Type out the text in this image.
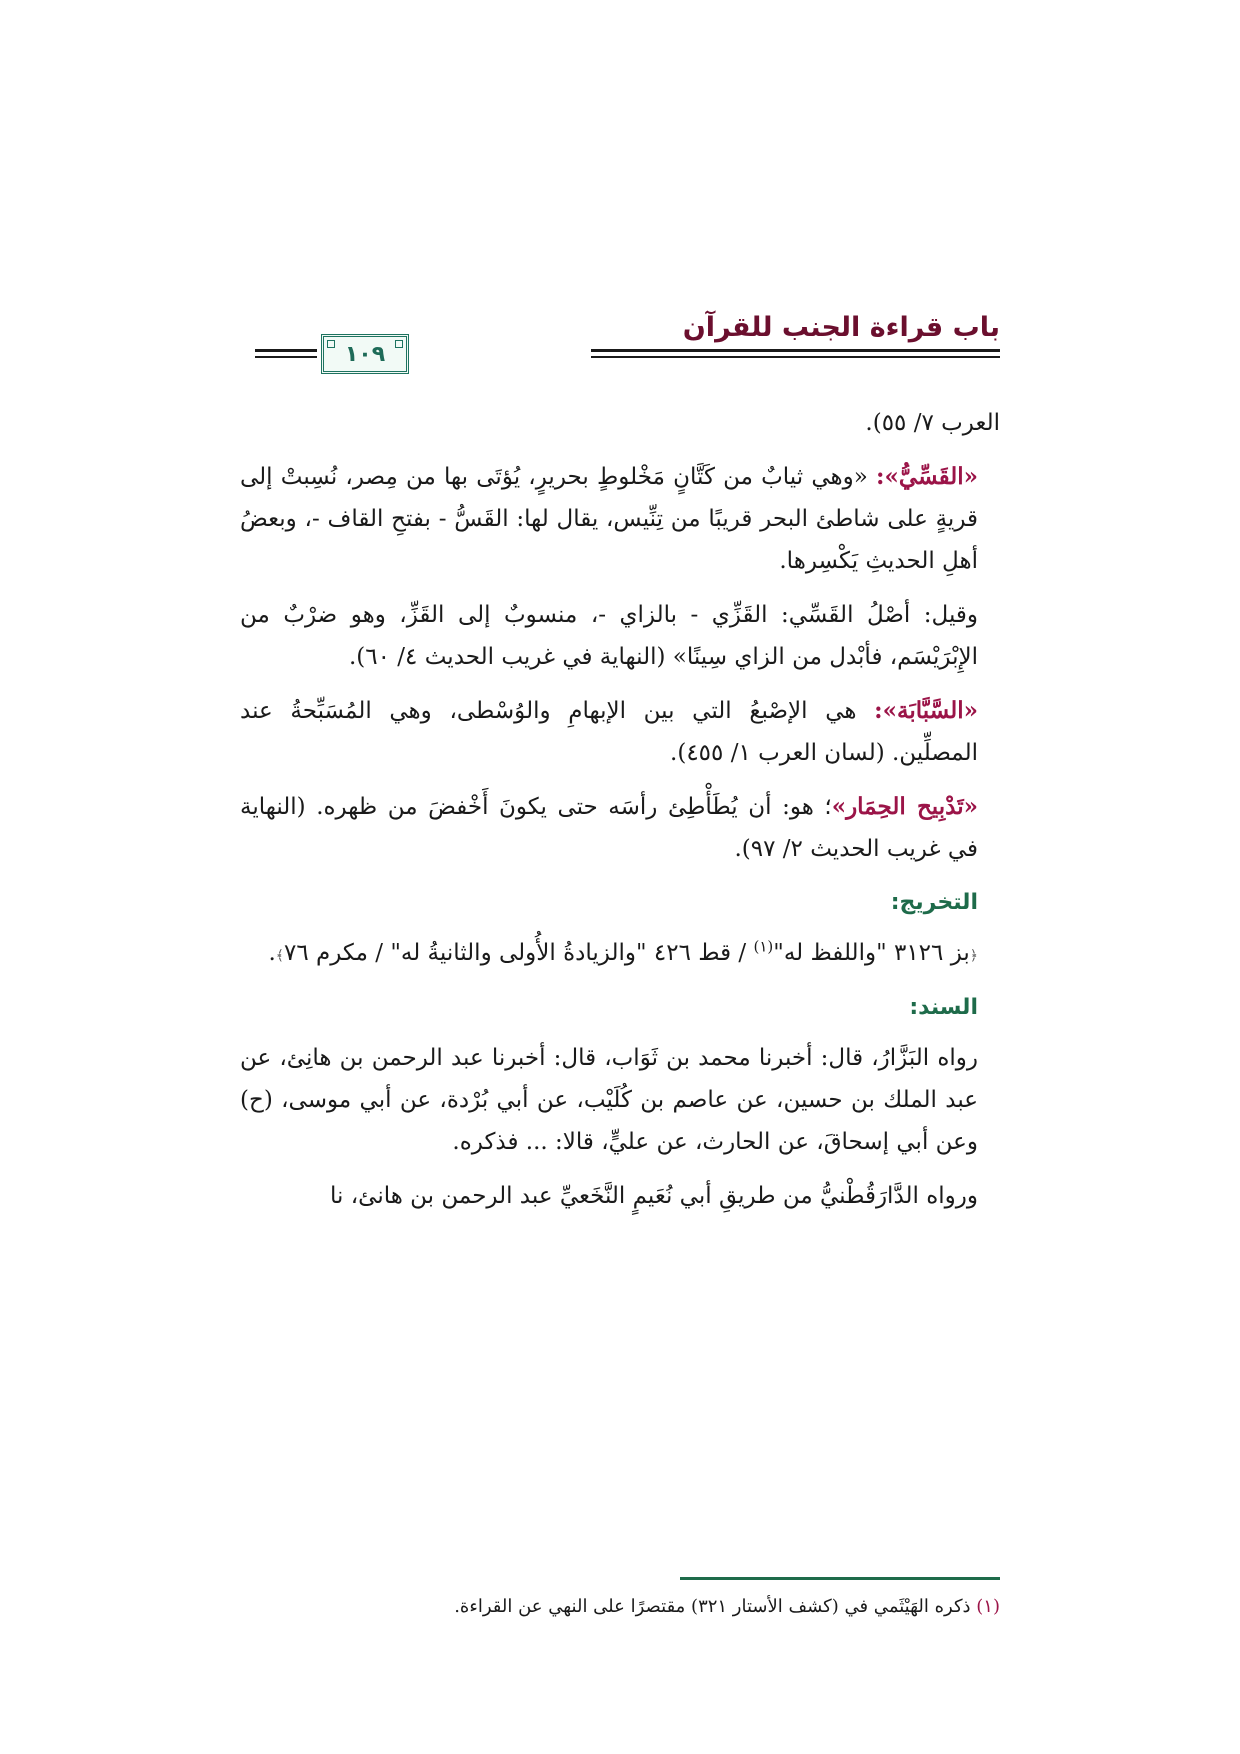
باب قراءة الجنب للقرآن
١٠٩

العرب ٧/ ٥٥).

«القَسِّيُّ»: «وهي ثيابٌ من كَتَّانٍ مَخْلوطٍ بحريرٍ، يُؤتَى بها من مِصر، نُسِبتْ إلى قريةٍ على شاطئ البحر قريبًا من تِنِّيس، يقال لها: القَسُّ - بفتحِ القاف -، وبعضُ أهلِ الحديثِ يَكْسِرها.

وقيل: أصْلُ القَسِّي: القَزِّي - بالزاي -، منسوبٌ إلى القَزِّ، وهو ضرْبٌ من الإِبْرَيْسَم، فأبْدل من الزاي سِينًا» (النهاية في غريب الحديث ٤/ ٦٠).

«السَّبَّابَة»: هي الإصْبعُ التي بين الإبهامِ والوُسْطى، وهي المُسَبِّحةُ عند المصلِّين. (لسان العرب ١/ ٤٥٥).

«تَدْبِيح الحِمَار»؛ هو: أن يُطَأْطِئ رأسَه حتى يكونَ أَخْفضَ من ظهره. (النهاية في غريب الحديث ٢/ ٩٧).

التخريج:

﴿بز ٣١٢٦ "واللفظ له"$^{(١)}$ / قط ٤٢٦ "والزيادةُ الأُولى والثانيةُ له" / مكرم ٧٦﴾.

السند:

رواه البَزَّارُ، قال: أخبرنا محمد بن ثَوَاب، قال: أخبرنا عبد الرحمن بن هانِئ، عن عبد الملك بن حسين، عن عاصم بن كُلَيْب، عن أبي بُرْدة، عن أبي موسى، (ح) وعن أبي إسحاقَ، عن الحارث، عن عليٍّ، قالا: ... فذكره.

ورواه الدَّارَقُطْنيُّ من طريقِ أبي نُعَيمٍ النَّخَعيِّ عبد الرحمن بن هانئ، نا

(١) ذكره الهَيْثَمي في (كشف الأستار ٣٢١) مقتصرًا على النهي عن القراءة.
